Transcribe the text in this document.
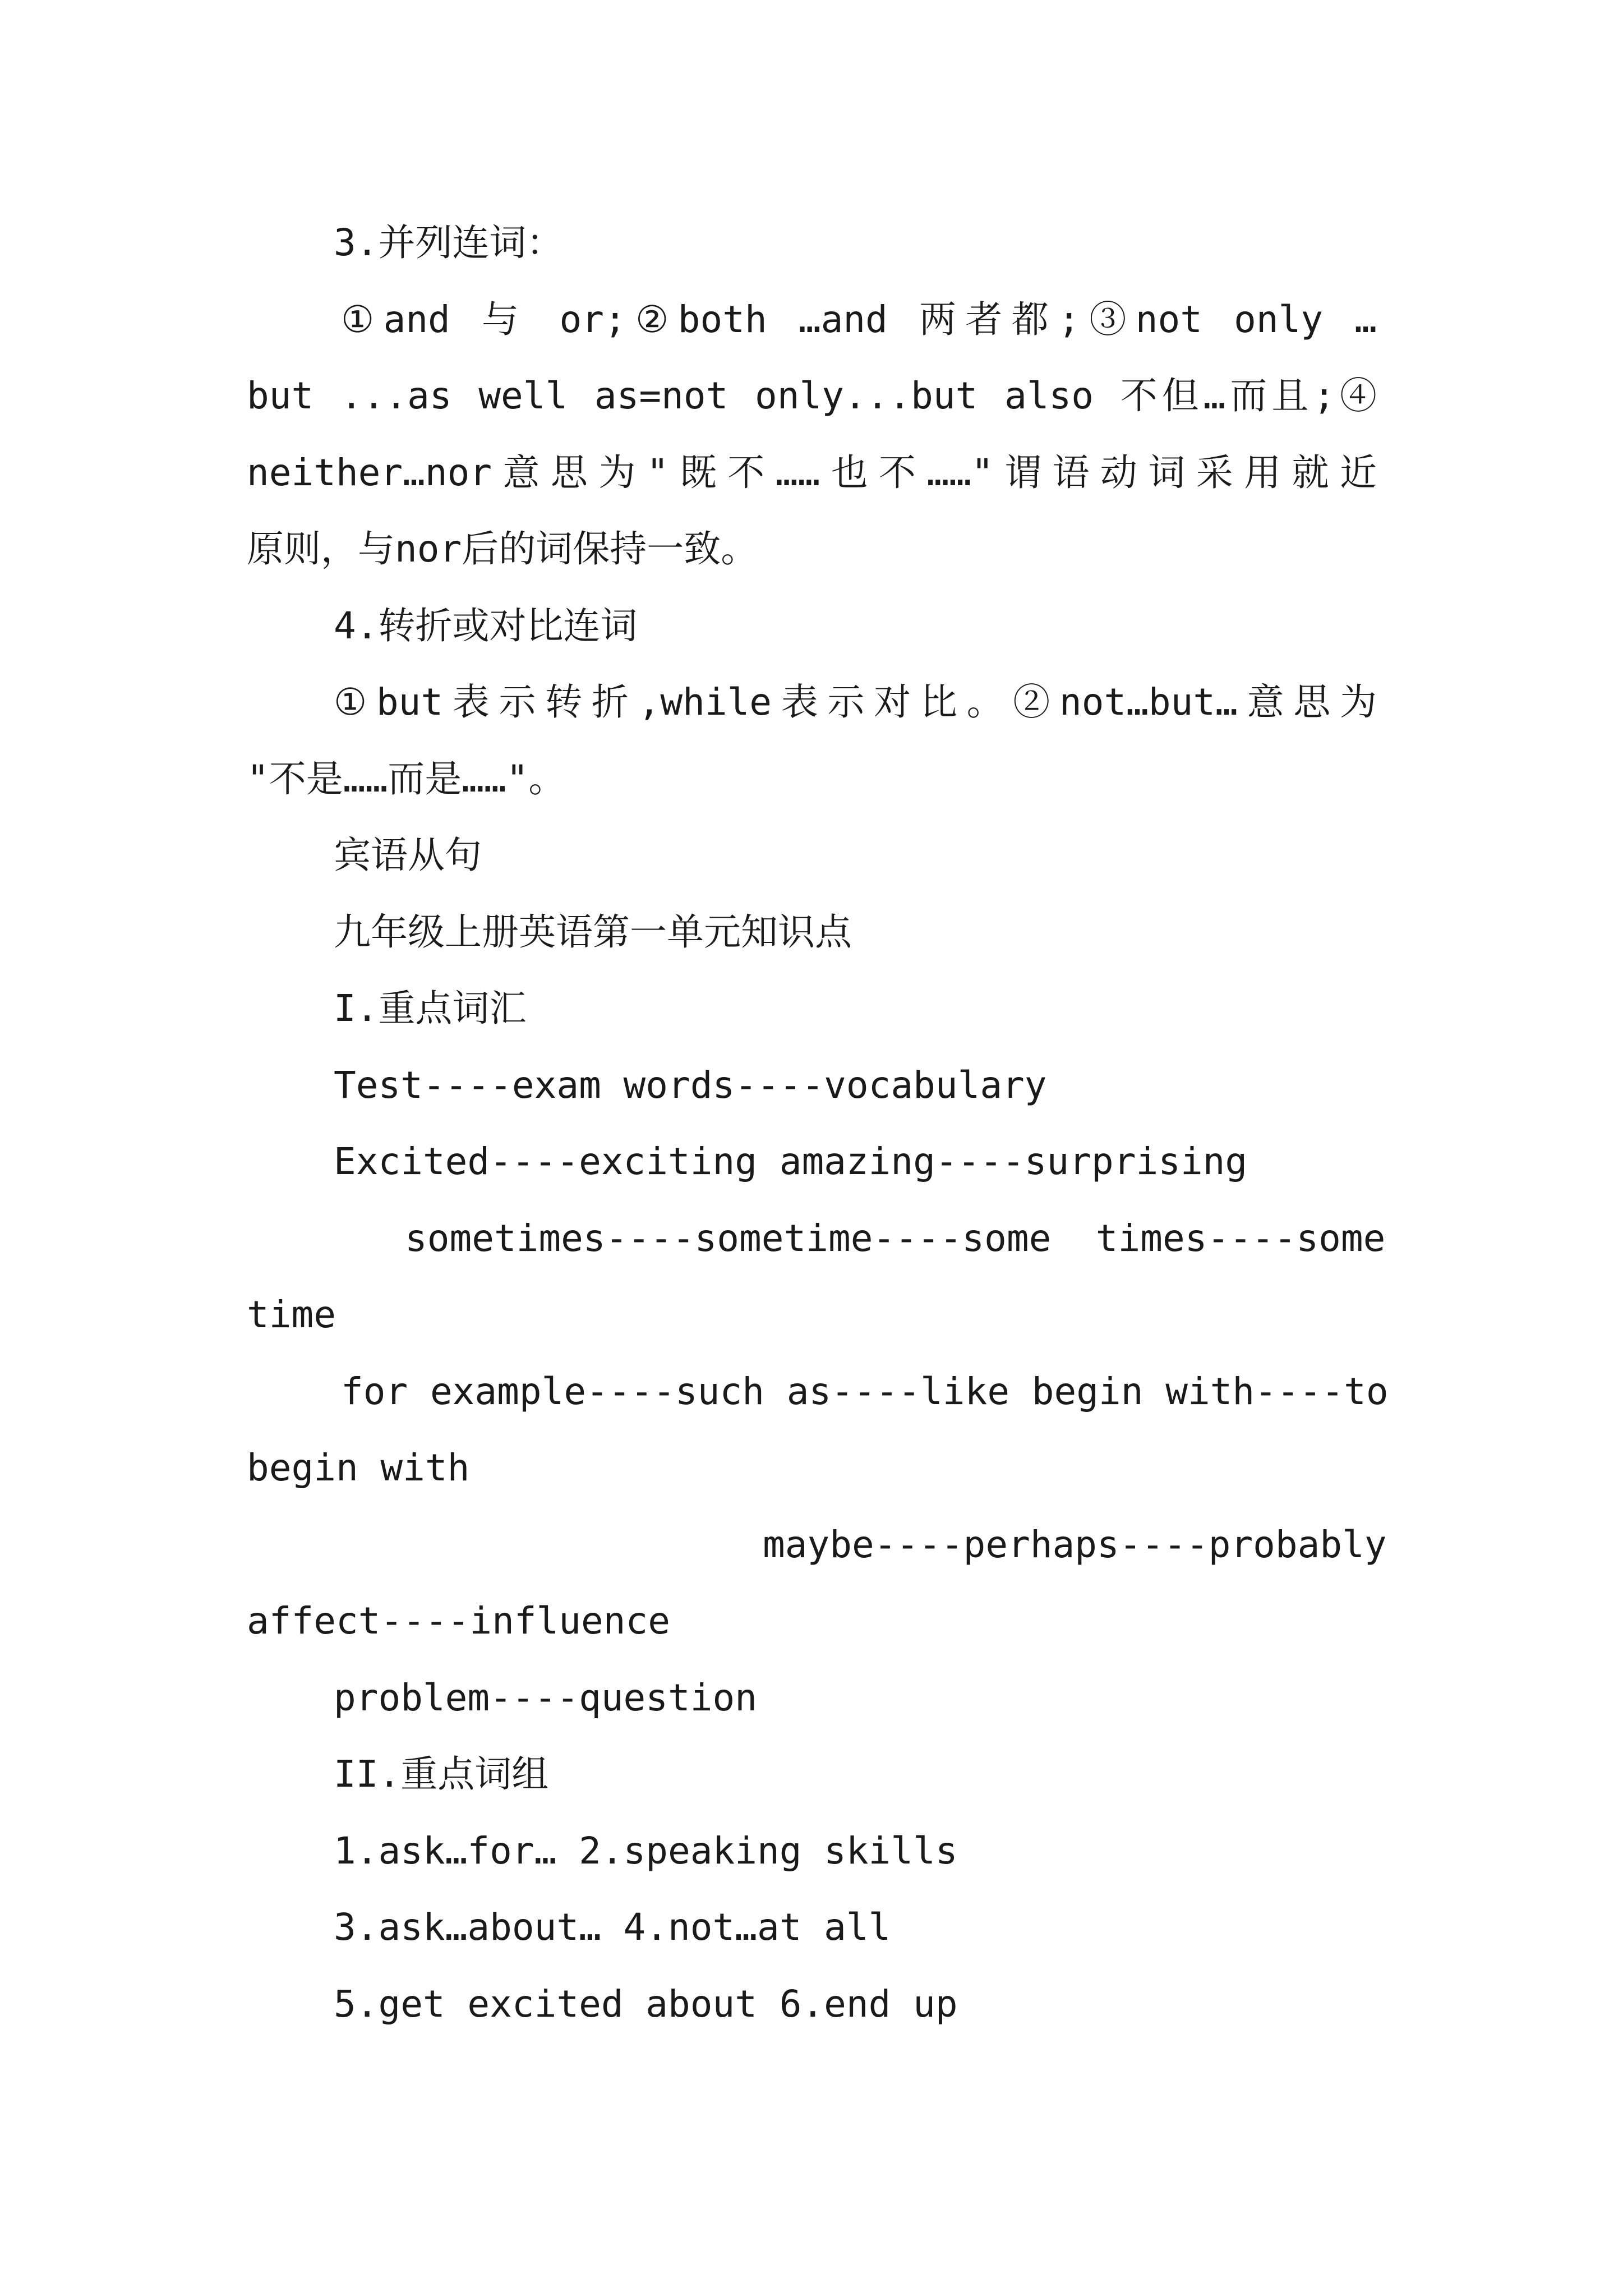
3.并列连词：
①and 与 or;②both …and 两者都;③not only …
but ...as well as=not only...but also 不但…而且;④
neither…nor意思为"既不……也不……"谓语动词采用就近
原则，与nor后的词保持一致。
4.转折或对比连词
①but表示转折,while表示对比。②not…but…意思为
"不是……而是……"。
宾语从句
九年级上册英语第一单元知识点
I.重点词汇
Test----exam words----vocabulary
Excited----exciting amazing----surprising
sometimes----sometime----some  times----some
time
for example----such as----like begin with----to
begin with
maybe----perhaps----probably
affect----influence
problem----question
II.重点词组
1.ask…for… 2.speaking skills
3.ask…about… 4.not…at all
5.get excited about 6.end up
